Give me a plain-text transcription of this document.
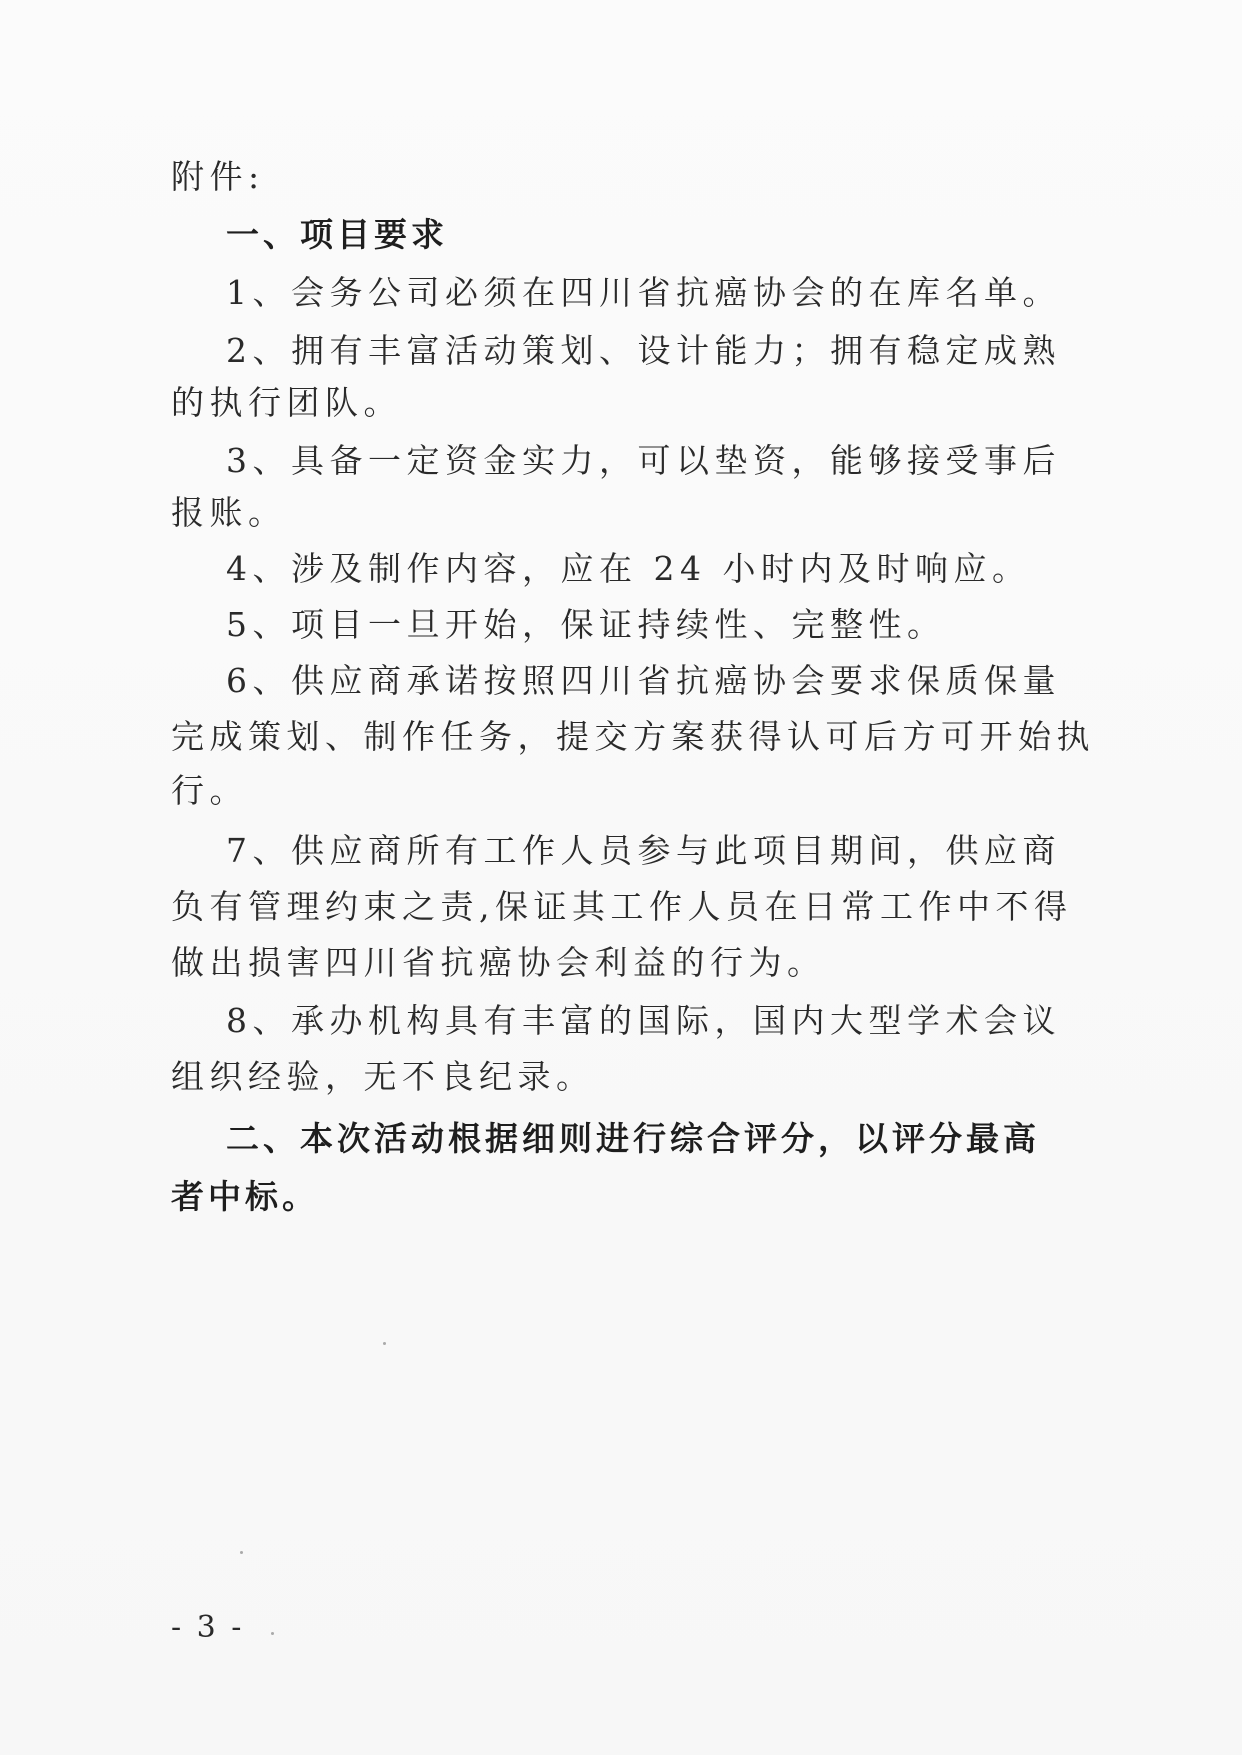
附件:
一、项目要求
1、会务公司必须在四川省抗癌协会的在库名单。
2、拥有丰富活动策划、设计能力；拥有稳定成熟
的执行团队。
3、具备一定资金实力，可以垫资，能够接受事后
报账。
4、涉及制作内容，应在 24 小时内及时响应。
5、项目一旦开始，保证持续性、完整性。
6、供应商承诺按照四川省抗癌协会要求保质保量
完成策划、制作任务，提交方案获得认可后方可开始执
行。
7、供应商所有工作人员参与此项目期间，供应商
负有管理约束之责,保证其工作人员在日常工作中不得
做出损害四川省抗癌协会利益的行为。
8、承办机构具有丰富的国际，国内大型学术会议
组织经验，无不良纪录。
二、本次活动根据细则进行综合评分，以评分最高
者中标。
- 3 -
